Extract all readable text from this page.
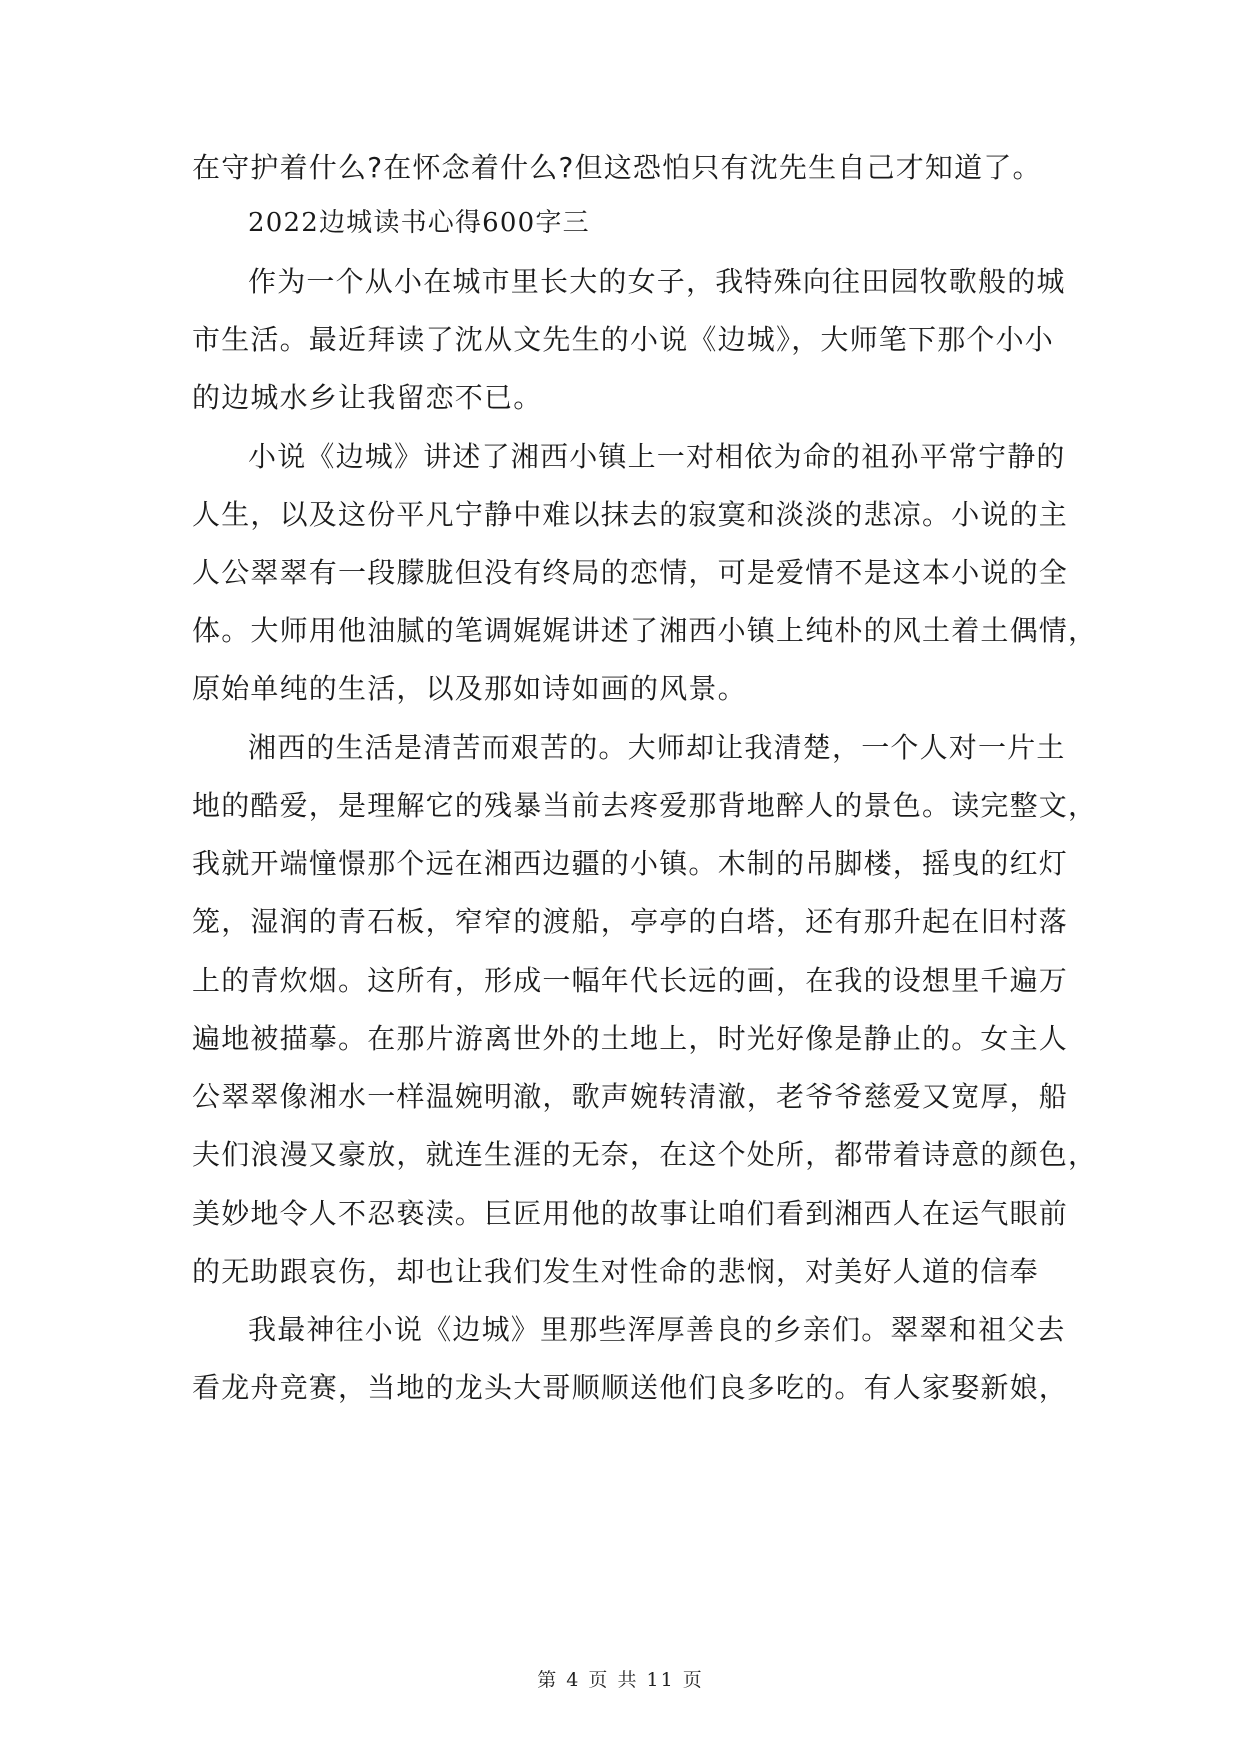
在守护着什么?在怀念着什么?但这恐怕只有沈先生自己才知道了。
2022边城读书心得600字三
作为一个从小在城市里长大的女子，我特殊向往田园牧歌般的城
市生活。最近拜读了沈从文先生的小说《边城》，大师笔下那个小小
的边城水乡让我留恋不已。
小说《边城》讲述了湘西小镇上一对相依为命的祖孙平常宁静的
人生，以及这份平凡宁静中难以抹去的寂寞和淡淡的悲凉。小说的主
人公翠翠有一段朦胧但没有终局的恋情，可是爱情不是这本小说的全
体。大师用他油腻的笔调娓娓讲述了湘西小镇上纯朴的风土着土偶情，
原始单纯的生活，以及那如诗如画的风景。
湘西的生活是清苦而艰苦的。大师却让我清楚，一个人对一片土
地的酷爱，是理解它的残暴当前去疼爱那背地醉人的景色。读完整文，
我就开端憧憬那个远在湘西边疆的小镇。木制的吊脚楼，摇曳的红灯
笼，湿润的青石板，窄窄的渡船，亭亭的白塔，还有那升起在旧村落
上的青炊烟。这所有，形成一幅年代长远的画，在我的设想里千遍万
遍地被描摹。在那片游离世外的土地上，时光好像是静止的。女主人
公翠翠像湘水一样温婉明澈，歌声婉转清澈，老爷爷慈爱又宽厚，船
夫们浪漫又豪放，就连生涯的无奈，在这个处所，都带着诗意的颜色，
美妙地令人不忍亵渎。巨匠用他的故事让咱们看到湘西人在运气眼前
的无助跟哀伤，却也让我们发生对性命的悲悯，对美好人道的信奉
我最神往小说《边城》里那些浑厚善良的乡亲们。翠翠和祖父去
看龙舟竞赛，当地的龙头大哥顺顺送他们良多吃的。有人家娶新娘，
第 4 页 共 11 页
